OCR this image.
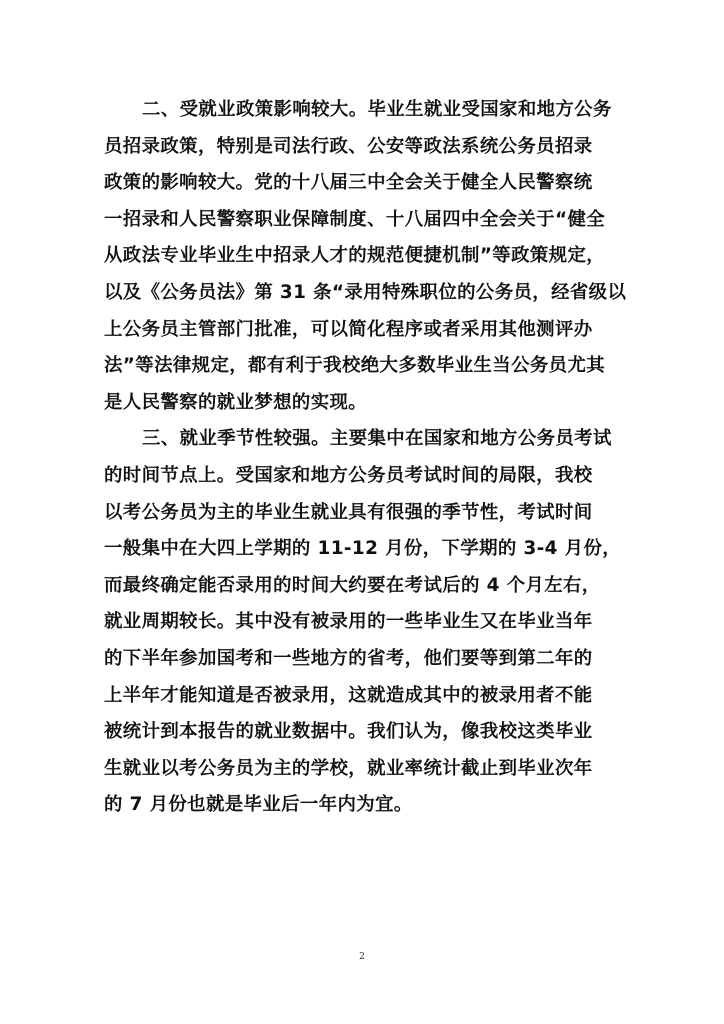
二、受就业政策影响较大。毕业生就业受国家和地方公务
员招录政策，特别是司法行政、公安等政法系统公务员招录
政策的影响较大。党的十八届三中全会关于健全人民警察统
一招录和人民警察职业保障制度、十八届四中全会关于“健全
从政法专业毕业生中招录人才的规范便捷机制”等政策规定，
以及《公务员法》第 31 条“录用特殊职位的公务员，经省级以
上公务员主管部门批准，可以简化程序或者采用其他测评办
法”等法律规定，都有利于我校绝大多数毕业生当公务员尤其
是人民警察的就业梦想的实现。
三、就业季节性较强。主要集中在国家和地方公务员考试
的时间节点上。受国家和地方公务员考试时间的局限，我校
以考公务员为主的毕业生就业具有很强的季节性，考试时间
一般集中在大四上学期的 11-12 月份，下学期的 3-4 月份，
而最终确定能否录用的时间大约要在考试后的 4 个月左右，
就业周期较长。其中没有被录用的一些毕业生又在毕业当年
的下半年参加国考和一些地方的省考，他们要等到第二年的
上半年才能知道是否被录用，这就造成其中的被录用者不能
被统计到本报告的就业数据中。我们认为，像我校这类毕业
生就业以考公务员为主的学校，就业率统计截止到毕业次年
的 7 月份也就是毕业后一年内为宜。
2
